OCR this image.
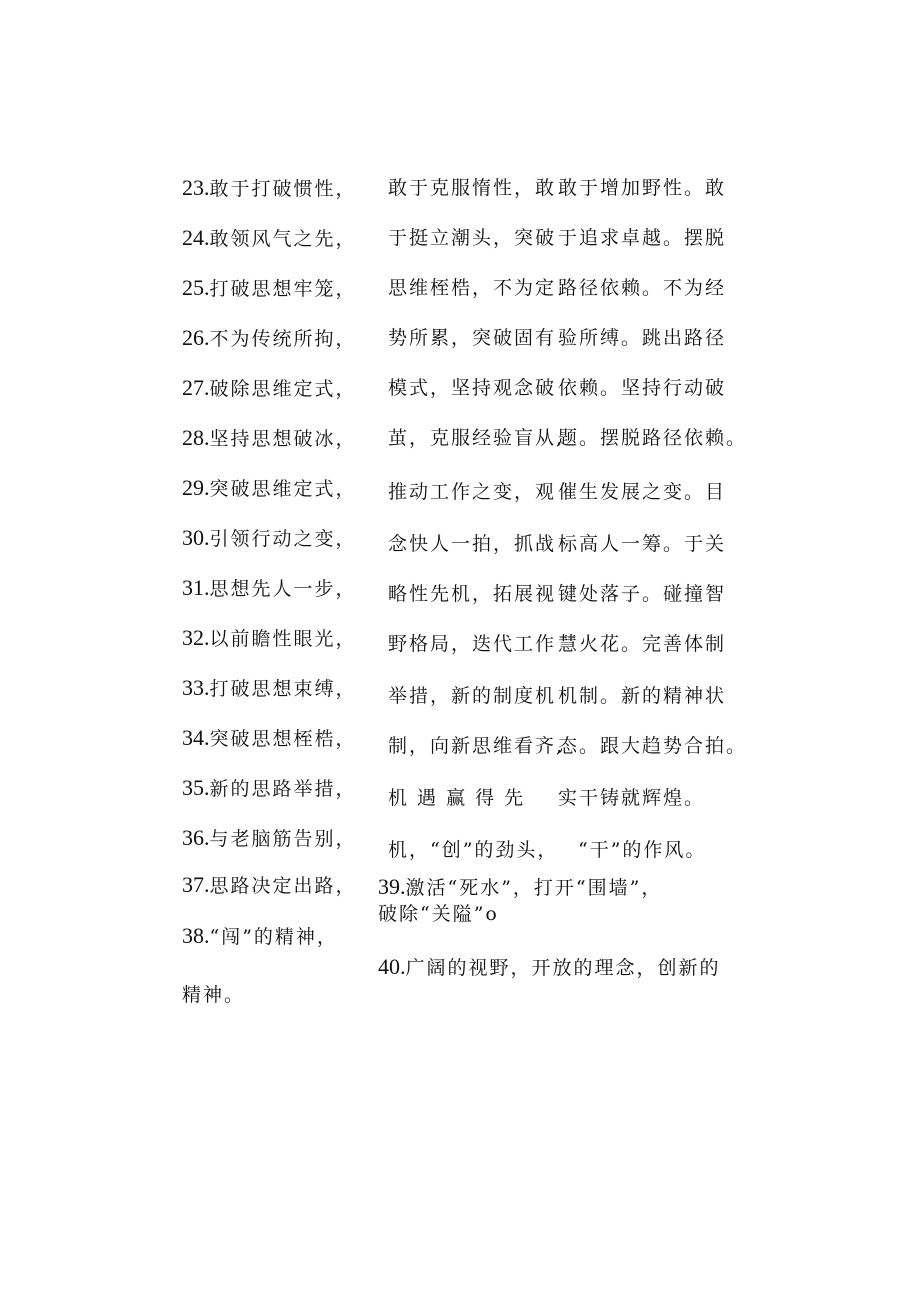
23.敢于打破惯性，
24.敢领风气之先，
25.打破思想牢笼，
26.不为传统所拘，
27.破除思维定式，
28.坚持思想破冰，
29.突破思维定式，
30.引领行动之变，
31.思想先人一步，
32.以前瞻性眼光，
33.打破思想束缚，
34.突破思想桎梏，
35.新的思路举措，
36.与老脑筋告别，
37.思路决定出路，
38.“闯”的精神，
精神。
敢于克服惰性，敢
于挺立潮头，突破
思维桎梏，不为定
势所累，突破固有
模式，坚持观念破
茧，克服经验盲从,
推动工作之变，观
念快人一拍，抓战
略性先机，拓展视
野格局，迭代工作
举措，新的制度机
制，向新思维看齐,
机 遇 赢 得 先
机，“创”的劲头，
敢于增加野性。敢
于追求卓越。摆脱
路径依赖。不为经
验所缚。跳出路径
依赖。坚持行动破
题。摆脱路径依赖。
催生发展之变。目
标高人一筹。于关
键处落子。碰撞智
慧火花。完善体制
机制。新的精神状
态。跟大趋势合拍。
实干铸就辉煌。
“干”的作风。
39.激活“死水”，打开“围墙”，
破除“关隘”o
40.广阔的视野，开放的理念，创新的
